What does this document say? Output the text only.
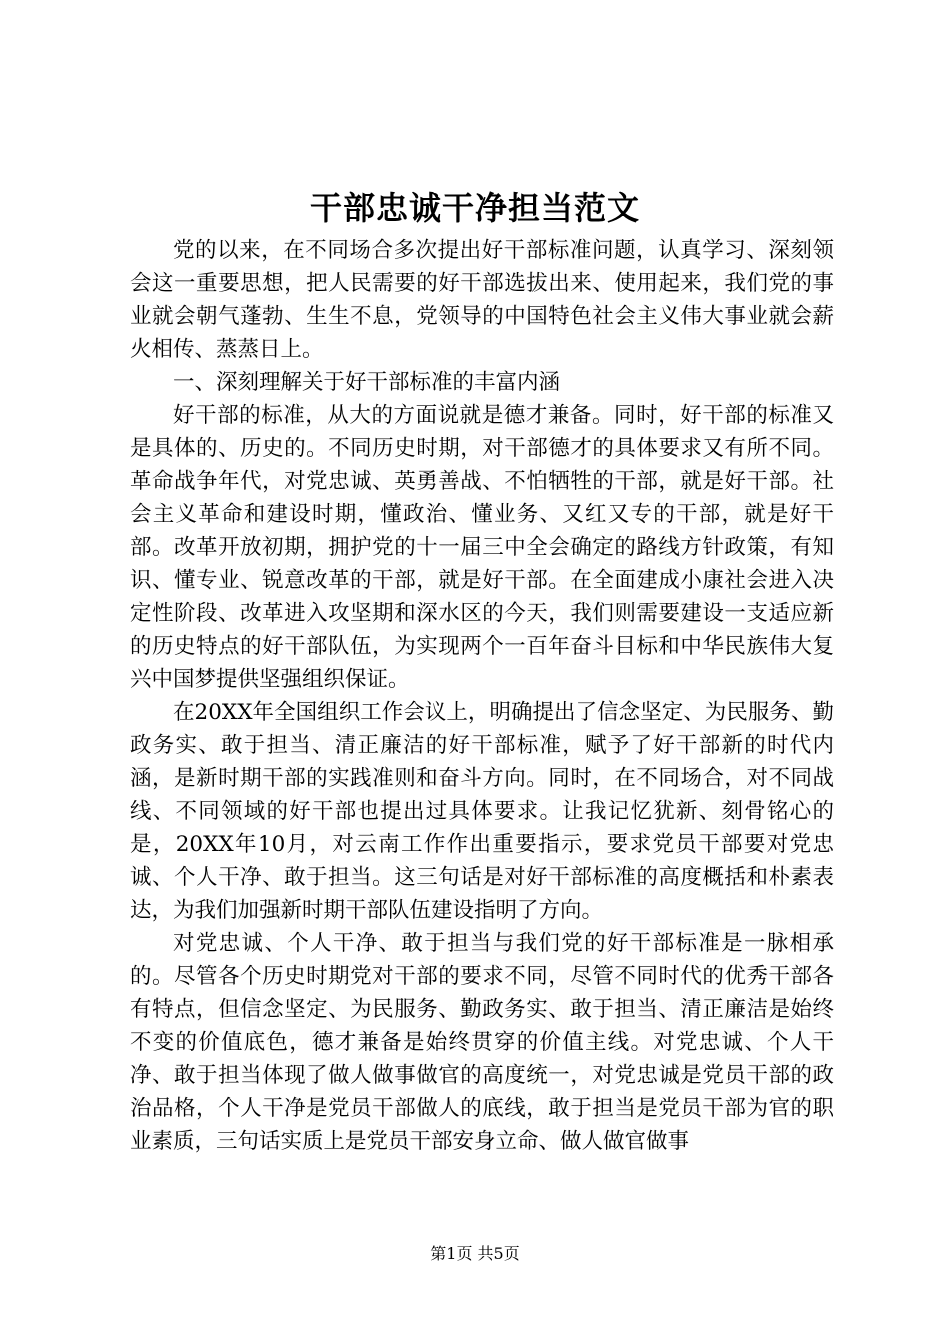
干部忠诚干净担当范文

党的以来，在不同场合多次提出好干部标准问题，认真学习、深刻领会这一重要思想，把人民需要的好干部选拔出来、使用起来，我们党的事业就会朝气蓬勃、生生不息，党领导的中国特色社会主义伟大事业就会薪火相传、蒸蒸日上。

一、深刻理解关于好干部标准的丰富内涵

好干部的标准，从大的方面说就是德才兼备。同时，好干部的标准又是具体的、历史的。不同历史时期，对干部德才的具体要求又有所不同。革命战争年代，对党忠诚、英勇善战、不怕牺牲的干部，就是好干部。社会主义革命和建设时期，懂政治、懂业务、又红又专的干部，就是好干部。改革开放初期，拥护党的十一届三中全会确定的路线方针政策，有知识、懂专业、锐意改革的干部，就是好干部。在全面建成小康社会进入决定性阶段、改革进入攻坚期和深水区的今天，我们则需要建设一支适应新的历史特点的好干部队伍，为实现两个一百年奋斗目标和中华民族伟大复兴中国梦提供坚强组织保证。

在20XX年全国组织工作会议上，明确提出了信念坚定、为民服务、勤政务实、敢于担当、清正廉洁的好干部标准，赋予了好干部新的时代内涵，是新时期干部的实践准则和奋斗方向。同时，在不同场合，对不同战线、不同领域的好干部也提出过具体要求。让我记忆犹新、刻骨铭心的是，20XX年10月，对云南工作作出重要指示，要求党员干部要对党忠诚、个人干净、敢于担当。这三句话是对好干部标准的高度概括和朴素表达，为我们加强新时期干部队伍建设指明了方向。

对党忠诚、个人干净、敢于担当与我们党的好干部标准是一脉相承的。尽管各个历史时期党对干部的要求不同，尽管不同时代的优秀干部各有特点，但信念坚定、为民服务、勤政务实、敢于担当、清正廉洁是始终不变的价值底色，德才兼备是始终贯穿的价值主线。对党忠诚、个人干净、敢于担当体现了做人做事做官的高度统一，对党忠诚是党员干部的政治品格，个人干净是党员干部做人的底线，敢于担当是党员干部为官的职业素质，三句话实质上是党员干部安身立命、做人做官做事

第1页 共5页
